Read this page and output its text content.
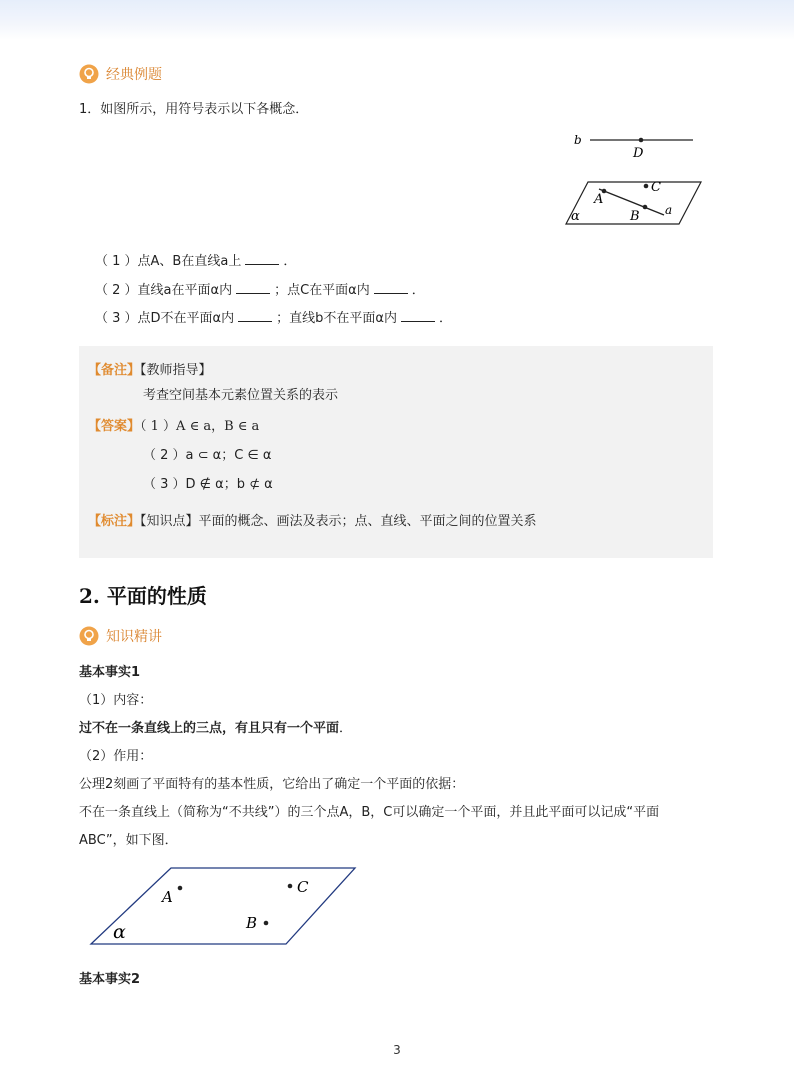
经典例题
1．如图所示，用符号表示以下各概念．
b
D
A
B
C
a
α
（ 1 ）点A、B在直线a上	．
（ 2 ）直线a在平面α内	；点C在平面α内	．
（ 3 ）点D不在平面α内	；直线b不在平面α内	．
【备注】【教师指导】
考查空间基本元素位置关系的表示
【答案】（ 1 ）A ∈ a，B ∈ a
（ 2 ）a ⊂ α；C ∈ α
（ 3 ）D ∉ α；b ⊄ α
【标注】【知识点】平面的概念、画法及表示；点、直线、平面之间的位置关系
2. 平面的性质
知识精讲
基本事实1
（1）内容：
过不在一条直线上的三点，有且只有一个平面．
（2）作用：
公理2刻画了平面特有的基本性质，它给出了确定一个平面的依据：
不在一条直线上（简称为“不共线”）的三个点A，B，C可以确定一个平面，并且此平面可以记成“平面
ABC”，如下图．
A
C
B
α
基本事实2
3
